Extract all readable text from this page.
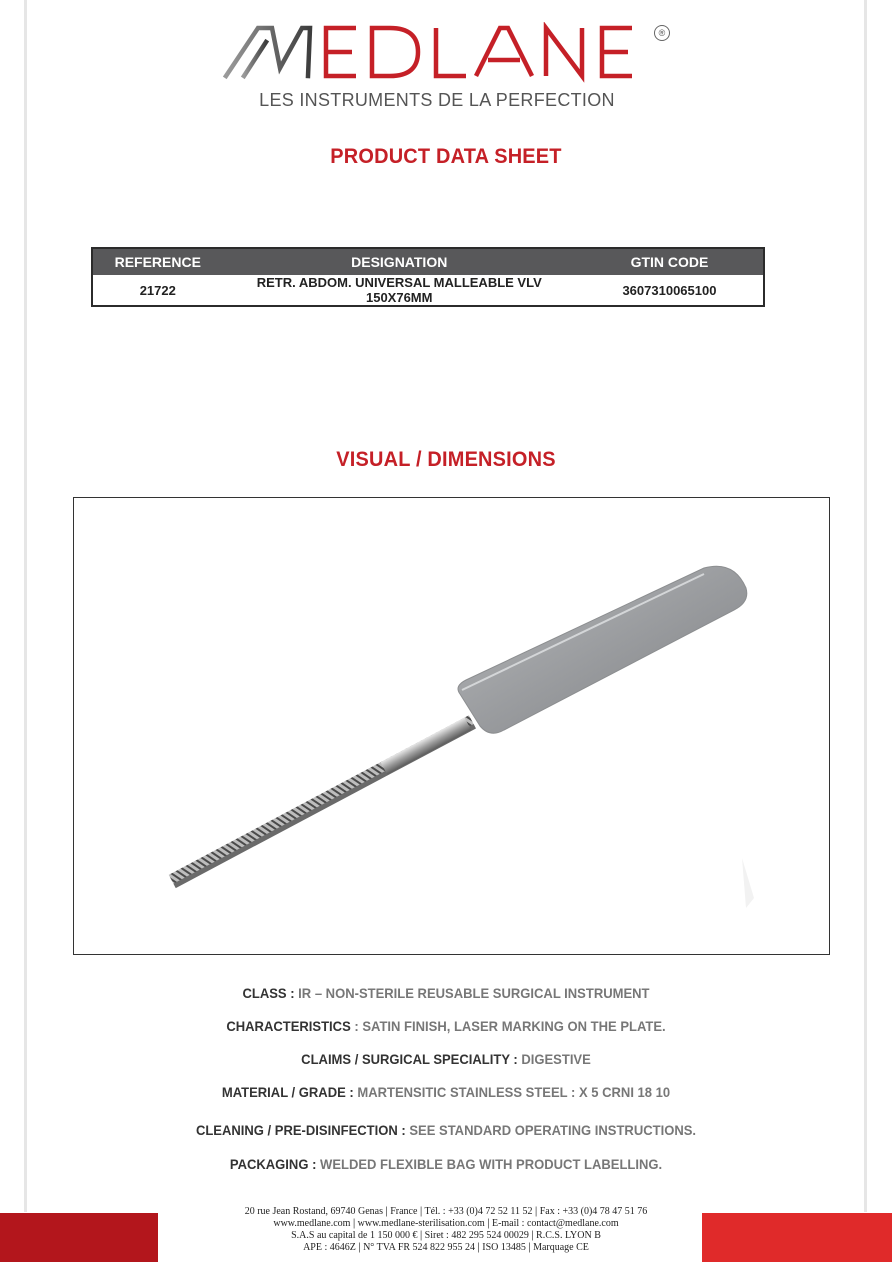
®
LES INSTRUMENTS DE LA PERFECTION
PRODUCT DATA SHEET
REFERENCE	DESIGNATION	GTIN CODE
21722	RETR. ABDOM. UNIVERSAL MALLEABLE VLV 150X76MM	3607310065100
VISUAL / DIMENSIONS
CLASS : IR – NON-STERILE REUSABLE SURGICAL INSTRUMENT
CHARACTERISTICS : SATIN FINISH, LASER MARKING ON THE PLATE.
CLAIMS / SURGICAL SPECIALITY : DIGESTIVE
MATERIAL / GRADE : MARTENSITIC STAINLESS STEEL : X 5 CRNI 18 10
CLEANING / PRE-DISINFECTION : SEE STANDARD OPERATING INSTRUCTIONS.
PACKAGING : WELDED FLEXIBLE BAG WITH PRODUCT LABELLING.
20 rue Jean Rostand, 69740 Genas | France | Tél. : +33 (0)4 72 52 11 52 | Fax : +33 (0)4 78 47 51 76
www.medlane.com | www.medlane-sterilisation.com | E-mail : contact@medlane.com
S.A.S au capital de 1 150 000 € | Siret : 482 295 524 00029 | R.C.S. LYON B
APE : 4646Z | N° TVA FR 524 822 955 24 | ISO 13485 | Marquage CE
